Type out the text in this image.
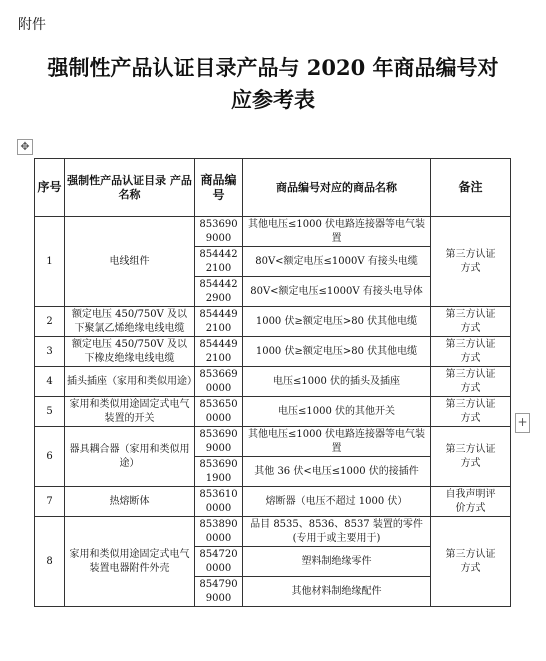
附件
强制性产品认证目录产品与 2020 年商品编号对
应参考表
✥
+
序号	强制性产品认证目录 产品名称	商品编号	商品编号对应的商品名称	备注
1	电线组件	8536909000	其他电压≤1000 伏电路连接器等电气装置	第三方认证方式
		8544422100	80V<额定电压≤1000V 有接头电缆	
		8544422900	80V<额定电压≤1000V 有接头电导体	
2	额定电压 450/750V 及以下聚氯乙烯绝缘电线电缆	8544492100	1000 伏≥额定电压>80 伏其他电缆	第三方认证方式
3	额定电压 450/750V 及以下橡皮绝缘电线电缆	8544492100	1000 伏≥额定电压>80 伏其他电缆	第三方认证方式
4	插头插座（家用和类似用途）	8536690000	电压≤1000 伏的插头及插座	第三方认证方式
5	家用和类似用途固定式电气装置的开关	8536500000	电压≤1000 伏的其他开关	第三方认证方式
6	器具耦合器（家用和类似用途）	8536909000	其他电压≤1000 伏电路连接器等电气装置	第三方认证方式
		8536901900	其他 36 伏<电压≤1000 伏的接插件	
7	热熔断体	8536100000	熔断器（电压不超过 1000 伏）	自我声明评价方式
8	家用和类似用途固定式电气装置电器附件外壳	8538900000	品目 8535、8536、8537 装置的零件(专用于或主要用于)	第三方认证方式
		8547200000	塑料制绝缘零件	
		8547909000	其他材料制绝缘配件	
